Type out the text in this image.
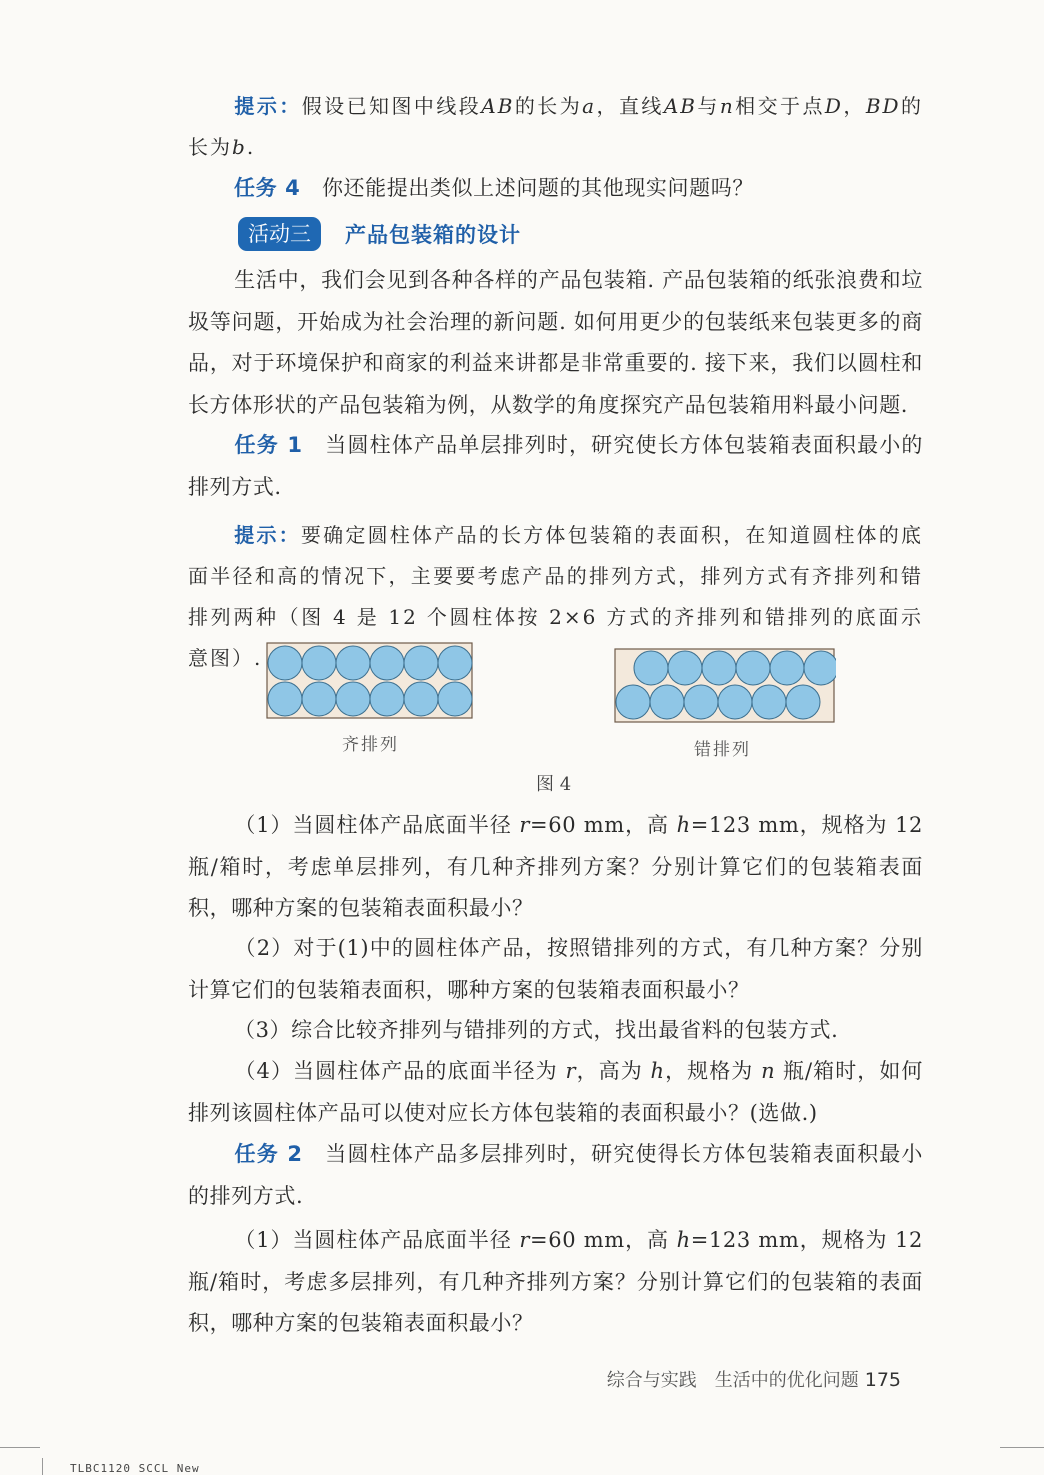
提示：假设已知图中线段AB的长为a，直线AB与n相交于点D，BD的长为b.

任务 4　 你还能提出类似上述问题的其他现实问题吗？

活动三	产品包装箱的设计

生活中，我们会见到各种各样的产品包装箱. 产品包装箱的纸张浪费和垃圾等问题，开始成为社会治理的新问题. 如何用更少的包装纸来包装更多的商品，对于环境保护和商家的利益来讲都是非常重要的. 接下来，我们以圆柱和长方体形状的产品包装箱为例，从数学的角度探究产品包装箱用料最小问题.

任务 1　 当圆柱体产品单层排列时，研究使长方体包装箱表面积最小的排列方式.

提示：要确定圆柱体产品的长方体包装箱的表面积，在知道圆柱体的底面半径和高的情况下，主要要考虑产品的排列方式，排列方式有齐排列和错排列两种（图 4 是 12 个圆柱体按 2×6 方式的齐排列和错排列的底面示意图）.

齐排列	错排列
图 4

（1）当圆柱体产品底面半径 r=60 mm，高 h=123 mm，规格为 12 瓶/箱时，考虑单层排列，有几种齐排列方案？分别计算它们的包装箱表面积，哪种方案的包装箱表面积最小？

（2）对于(1)中的圆柱体产品，按照错排列的方式，有几种方案？分别计算它们的包装箱表面积，哪种方案的包装箱表面积最小？

（3）综合比较齐排列与错排列的方式，找出最省料的包装方式.

（4）当圆柱体产品的底面半径为 r，高为 h，规格为 n 瓶/箱时，如何排列该圆柱体产品可以使对应长方体包装箱的表面积最小？(选做.)

任务 2　 当圆柱体产品多层排列时，研究使得长方体包装箱表面积最小的排列方式.

（1）当圆柱体产品底面半径 r=60 mm，高 h=123 mm，规格为 12 瓶/箱时，考虑多层排列，有几种齐排列方案？分别计算它们的包装箱的表面积，哪种方案的包装箱表面积最小？

综合与实践　生活中的优化问题 175
TLBC1120 SCCL New
